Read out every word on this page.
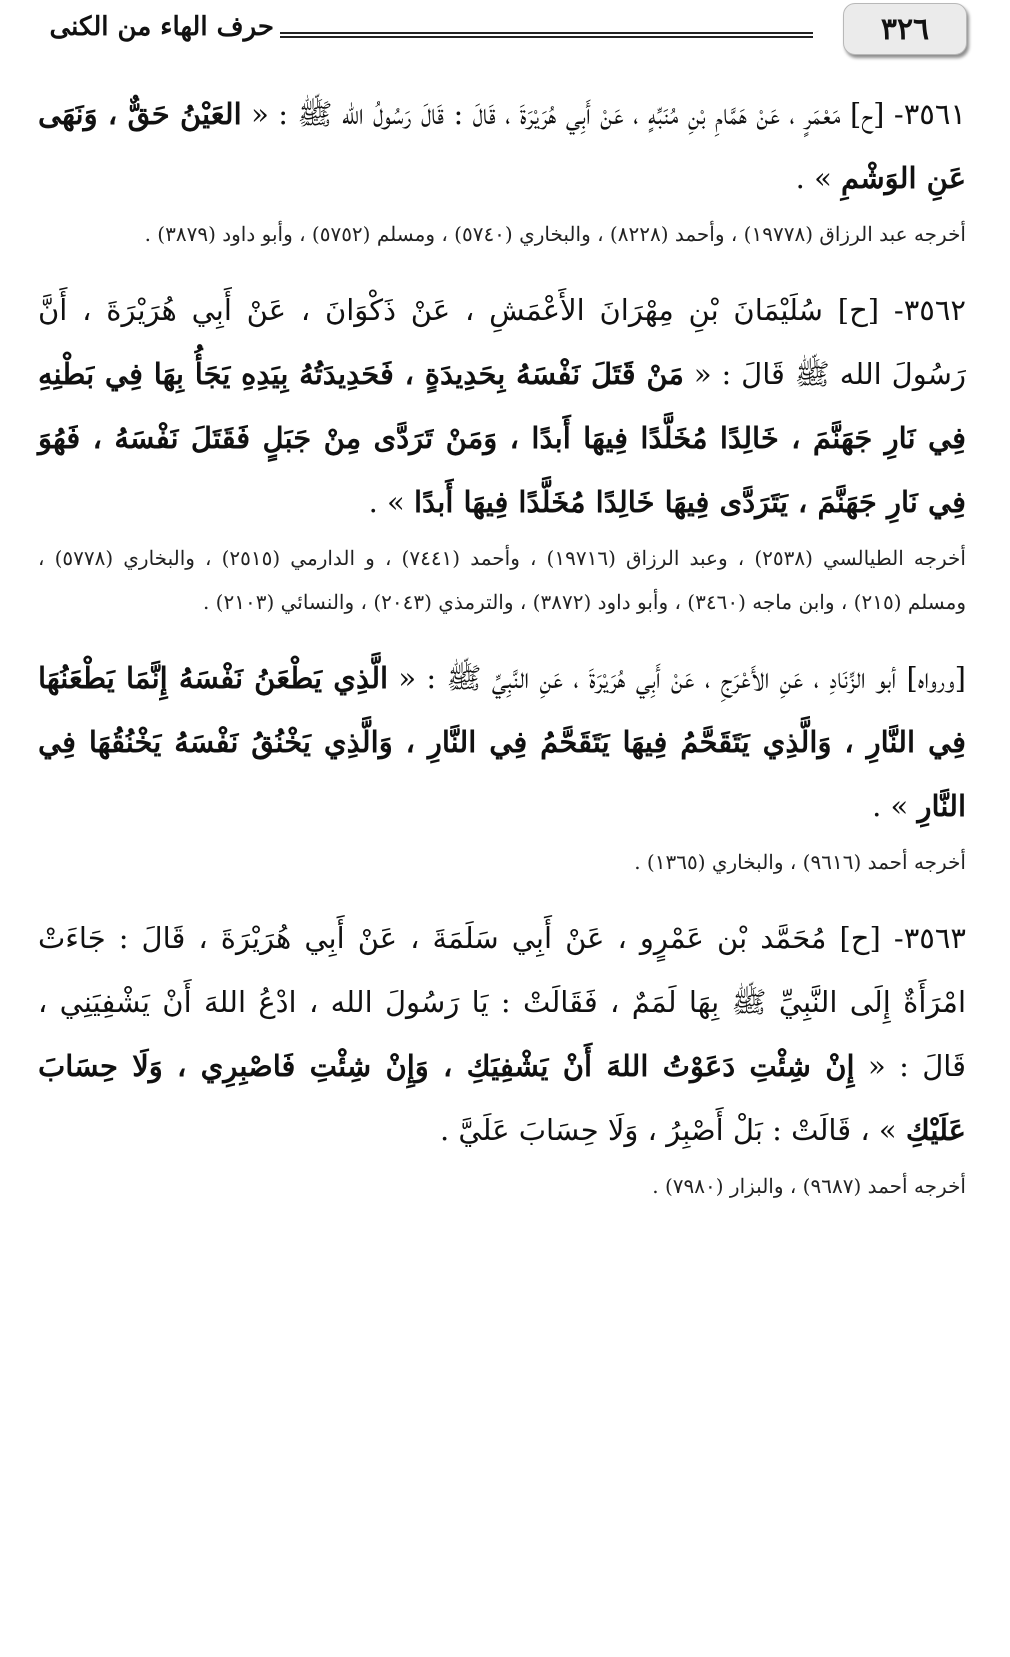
٣٢٦
حرف الهاء من الكنى

٣٥٦١- [ح] مَعْمَرٍ ، عَنْ هَمَّامِ بْنِ مُنَبِّهٍ ، عَنْ أَبِي هُرَيْرَةَ ، قَالَ : قَالَ رَسُولُ الله ﷺ : « العَيْنُ حَقٌّ ، وَنَهَى عَنِ الوَشْمِ » .

أخرجه عبد الرزاق (١٩٧٧٨) ، وأحمد (٨٢٢٨) ، والبخاري (٥٧٤٠) ، ومسلم (٥٧٥٢) ، وأبو داود (٣٨٧٩) .

٣٥٦٢- [ح] سُلَيْمَانَ بْنِ مِهْرَانَ الأَعْمَشِ ، عَنْ ذَكْوَانَ ، عَنْ أَبِي هُرَيْرَةَ ، أَنَّ رَسُولَ الله ﷺ قَالَ : « مَنْ قَتَلَ نَفْسَهُ بِحَدِيدَةٍ ، فَحَدِيدَتُهُ بِيَدِهِ يَجَأُ بِهَا فِي بَطْنِهِ فِي نَارِ جَهَنَّمَ ، خَالِدًا مُخَلَّدًا فِيهَا أَبدًا ، وَمَنْ تَرَدَّى مِنْ جَبَلٍ فَقَتَلَ نَفْسَهُ ، فَهُوَ فِي نَارِ جَهَنَّمَ ، يَتَرَدَّى فِيهَا خَالِدًا مُخَلَّدًا فِيهَا أَبدًا » .

أخرجه الطيالسي (٢٥٣٨) ، وعبد الرزاق (١٩٧١٦) ، وأحمد (٧٤٤١) ، و الدارمي (٢٥١٥) ، والبخاري (٥٧٧٨) ، ومسلم (٢١٥) ، وابن ماجه (٣٤٦٠) ، وأبو داود (٣٨٧٢) ، والترمذي (٢٠٤٣) ، والنسائي (٢١٠٣) .

[ورواه] أبو الزِّنَادِ ، عَنِ الأَعْرَجِ ، عَنْ أَبِي هُرَيْرَةَ ، عَنِ النَّبِيِّ ﷺ : « الَّذِي يَطْعَنُ نَفْسَهُ إِنَّمَا يَطْعَنُهَا فِي النَّارِ ، وَالَّذِي يَتَقَحَّمُ فِيهَا يَتَقَحَّمُ فِي النَّارِ ، وَالَّذِي يَخْنُقُ نَفْسَهُ يَخْنُقُهَا فِي النَّارِ » .

أخرجه أحمد (٩٦١٦) ، والبخاري (١٣٦٥) .

٣٥٦٣- [ح] مُحَمَّد بْن عَمْرٍو ، عَنْ أَبِي سَلَمَةَ ، عَنْ أَبِي هُرَيْرَةَ ، قَالَ : جَاءَتْ امْرَأَةٌ إِلَى النَّبِيِّ ﷺ بِهَا لَمَمٌ ، فَقَالَتْ : يَا رَسُولَ الله ، ادْعُ اللهَ أَنْ يَشْفِيَنِي ، قَالَ : « إِنْ شِئْتِ دَعَوْتُ اللهَ أَنْ يَشْفِيَكِ ، وَإِنْ شِئْتِ فَاصْبِرِي ، وَلَا حِسَابَ عَلَيْكِ » ، قَالَتْ : بَلْ أَصْبِرُ ، وَلَا حِسَابَ عَلَيَّ .

أخرجه أحمد (٩٦٨٧) ، والبزار (٧٩٨٠) .
